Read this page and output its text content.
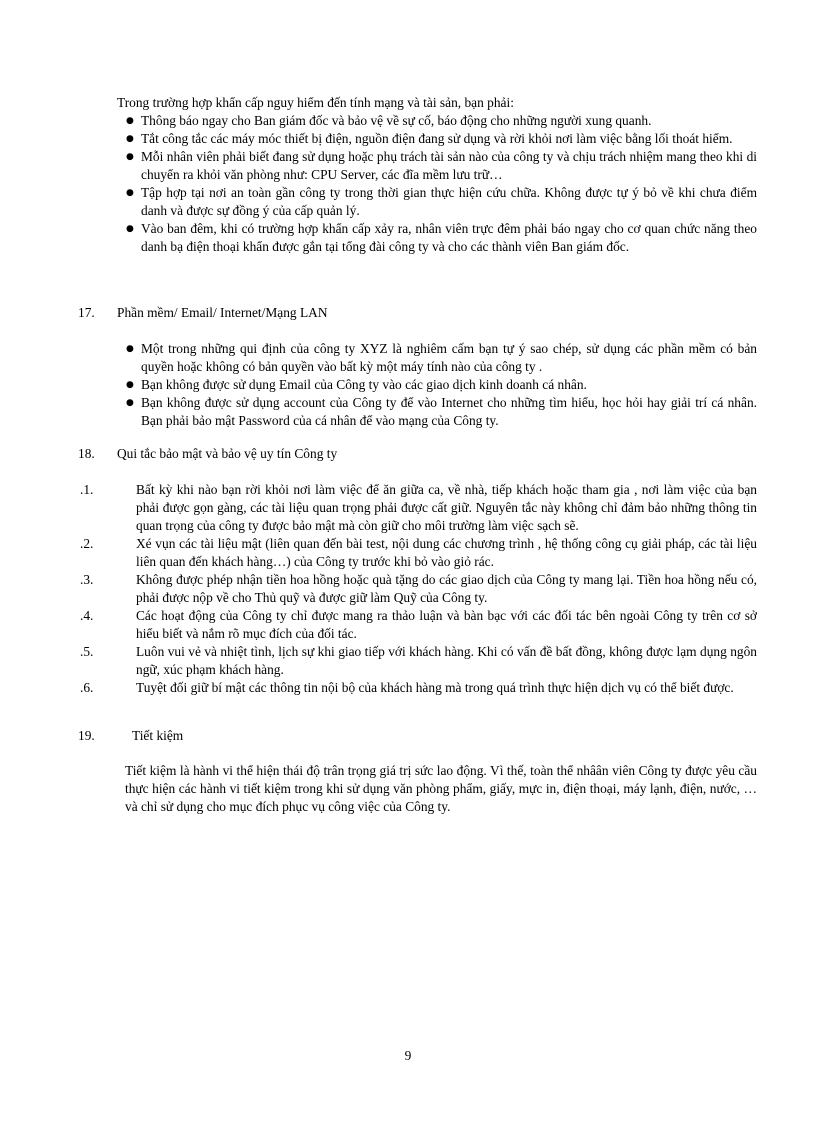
Trong trường hợp khẩn cấp nguy hiểm đến tính mạng và tài sản, bạn phải:

● Thông báo ngay cho Ban giám đốc và bảo vệ về sự cố, báo động cho những người xung quanh.
● Tắt công tắc các máy móc thiết bị điện, nguồn điện đang sử dụng và rời khỏi nơi làm việc bằng lối thoát hiểm.
● Mỗi nhân viên phải biết đang sử dụng hoặc phụ trách tài sản nào của công ty và chịu trách nhiệm mang theo khi di chuyển ra khỏi văn phòng như: CPU Server, các đĩa mềm lưu trữ…
● Tập hợp tại nơi an toàn gần công ty trong thời gian thực hiện cứu chữa. Không được tự ý bỏ về khi chưa điểm danh và được sự đồng ý của cấp quản lý.
● Vào ban đêm, khi có trường hợp khẩn cấp xảy ra, nhân viên trực đêm phải báo ngay cho cơ quan chức năng theo danh bạ điện thoại khẩn được gắn tại tổng đài công ty và cho các thành viên Ban giám đốc.
17. Phần mềm/ Email/ Internet/Mạng LAN
● Một trong những qui định của công ty XYZ là nghiêm cấm bạn tự ý sao chép, sử dụng các phần mềm có bản quyền hoặc không có bản quyền vào bất kỳ một máy tính nào của công ty .
● Bạn không được sử dụng Email của Công ty vào các giao dịch kinh doanh cá nhân.
● Bạn không được sử dụng account của Công ty để vào Internet cho những tìm hiểu, học hỏi hay giải trí cá nhân. Bạn phải bảo mật Password của cá nhân để vào mạng của Công ty.
18. Qui tắc bảo mật và bảo vệ uy tín Công ty
.1.	Bất kỳ khi nào bạn rời khỏi nơi làm việc để ăn giữa ca, về nhà, tiếp khách hoặc tham gia , nơi làm việc của bạn phải được gọn gàng, các tài liệu quan trọng phải được cất giữ. Nguyên tắc này không chỉ đảm bảo những thông tin quan trọng của công ty được bảo mật mà còn giữ cho môi trường làm việc sạch sẽ.
.2.	Xé vụn các tài liệu mật (liên quan đến bài test, nội dung các chương trình , hệ thống công cụ giải pháp, các tài liệu liên quan đến khách hàng…) của Công ty trước khi bỏ vào giỏ rác.
.3.	Không được phép nhận tiền hoa hồng hoặc quà tặng do các giao dịch của Công ty mang lại. Tiền hoa hồng nếu có, phải được nộp về cho Thủ quỹ và được giữ làm Quỹ của Công ty.
.4.	Các hoạt động của Công ty chỉ được mang ra thảo luận và bàn bạc với các đối tác bên ngoài Công ty trên cơ sở hiểu biết và nắm rõ mục đích của đối tác.
.5.	Luôn vui vẻ và nhiệt tình, lịch sự khi giao tiếp với khách hàng. Khi có vấn đề bất đồng, không được lạm dụng ngôn ngữ, xúc phạm khách hàng.
.6.	Tuyệt đối giữ bí mật các thông tin nội bộ của khách hàng mà trong quá trình thực hiện dịch vụ có thể biết được.
19.	Tiết kiệm

Tiết kiệm là hành vi thể hiện thái độ trân trọng giá trị sức lao động. Vì thế, toàn thể nhâân viên Công ty được yêu cầu thực hiện các hành vi tiết kiệm trong khi sử dụng văn phòng phẩm, giấy, mực in, điện thoại, máy lạnh, điện, nước, … và chỉ sử dụng cho mục đích phục vụ công việc của Công ty.

9
